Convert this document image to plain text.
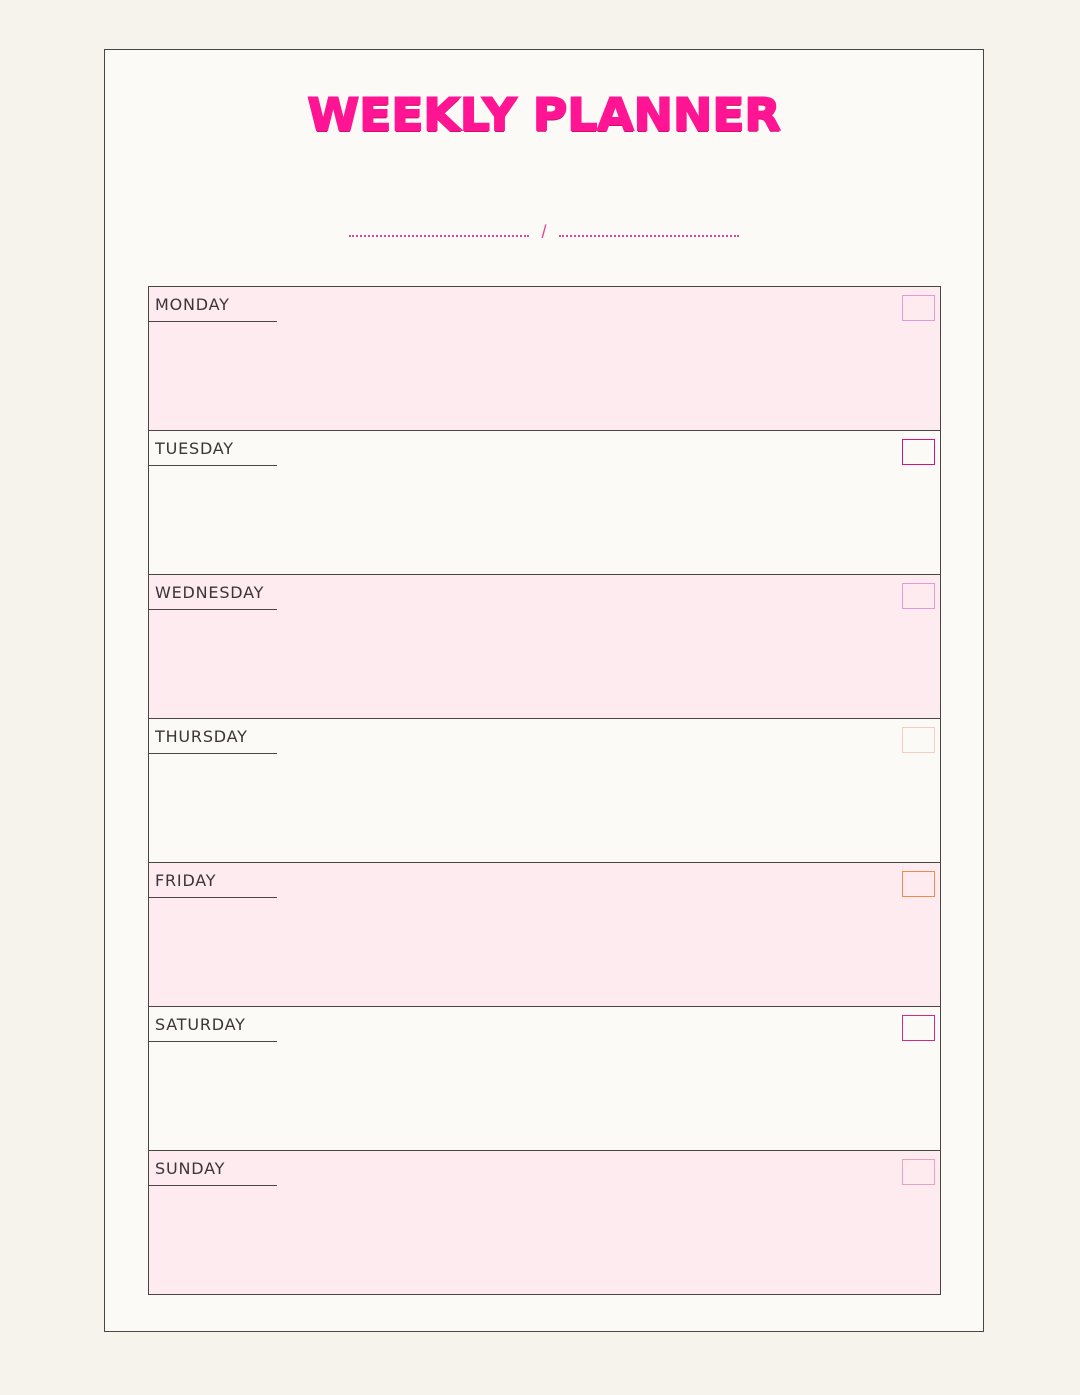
WEEKLY PLANNER
/
MONDAY
TUESDAY
WEDNESDAY
THURSDAY
FRIDAY
SATURDAY
SUNDAY
